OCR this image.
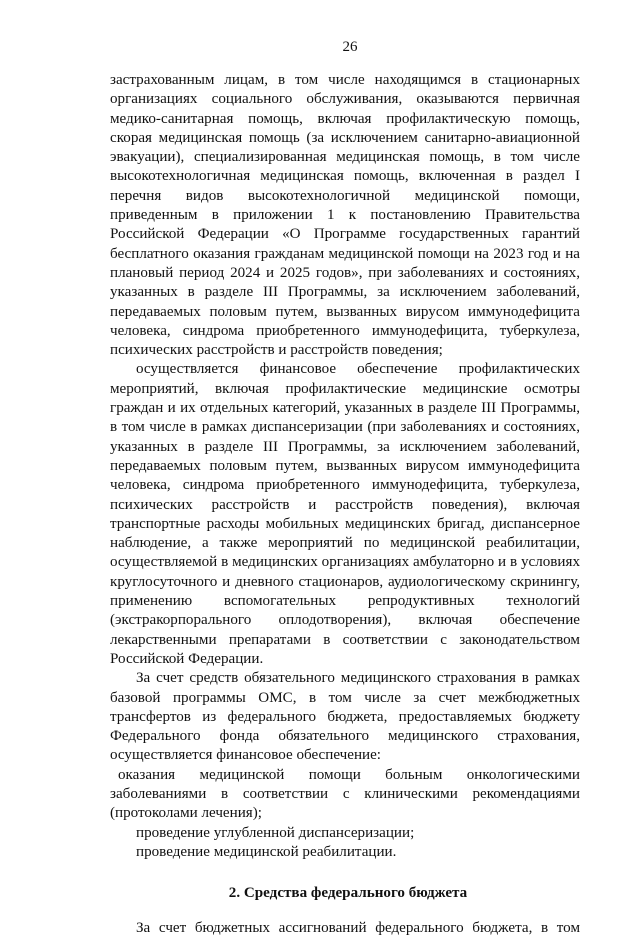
26

застрахованным лицам, в том числе находящимся в стационарных организациях социального обслуживания, оказываются первичная медико-санитарная помощь, включая профилактическую помощь, скорая медицинская помощь (за исключением санитарно-авиационной эвакуации), специализированная медицинская помощь, в том числе высокотехнологичная медицинская помощь, включенная в раздел I перечня видов высокотехнологичной медицинской помощи, приведенным в приложении 1 к постановлению Правительства Российской Федерации «О Программе государственных гарантий бесплатного оказания гражданам медицинской помощи на 2023 год и на плановый период 2024 и 2025 годов», при заболеваниях и состояниях, указанных в разделе III Программы, за исключением заболеваний, передаваемых половым путем, вызванных вирусом иммунодефицита человека, синдрома приобретенного иммунодефицита, туберкулеза, психических расстройств и расстройств поведения;

осуществляется финансовое обеспечение профилактических мероприятий, включая профилактические медицинские осмотры граждан и их отдельных категорий, указанных в разделе III Программы, в том числе в рамках диспансеризации (при заболеваниях и состояниях, указанных в разделе III Программы, за исключением заболеваний, передаваемых половым путем, вызванных вирусом иммунодефицита человека, синдрома приобретенного иммунодефицита, туберкулеза, психических расстройств и расстройств поведения), включая транспортные расходы мобильных медицинских бригад, диспансерное наблюдение, а также мероприятий по медицинской реабилитации, осуществляемой в медицинских организациях амбулаторно и в условиях круглосуточного и дневного стационаров, аудиологическому скринингу, применению вспомогательных репродуктивных технологий (экстракорпорального оплодотворения), включая обеспечение лекарственными препаратами в соответствии с законодательством Российской Федерации.

За счет средств обязательного медицинского страхования в рамках базовой программы ОМС, в том числе за счет межбюджетных трансфертов из федерального бюджета, предоставляемых бюджету Федерального фонда обязательного медицинского страхования, осуществляется финансовое обеспечение:

оказания медицинской помощи больным онкологическими заболеваниями в соответствии с клиническими рекомендациями (протоколами лечения);

проведение углубленной диспансеризации;

проведение медицинской реабилитации.

2. Средства федерального бюджета

За счет бюджетных ассигнований федерального бюджета, в том
